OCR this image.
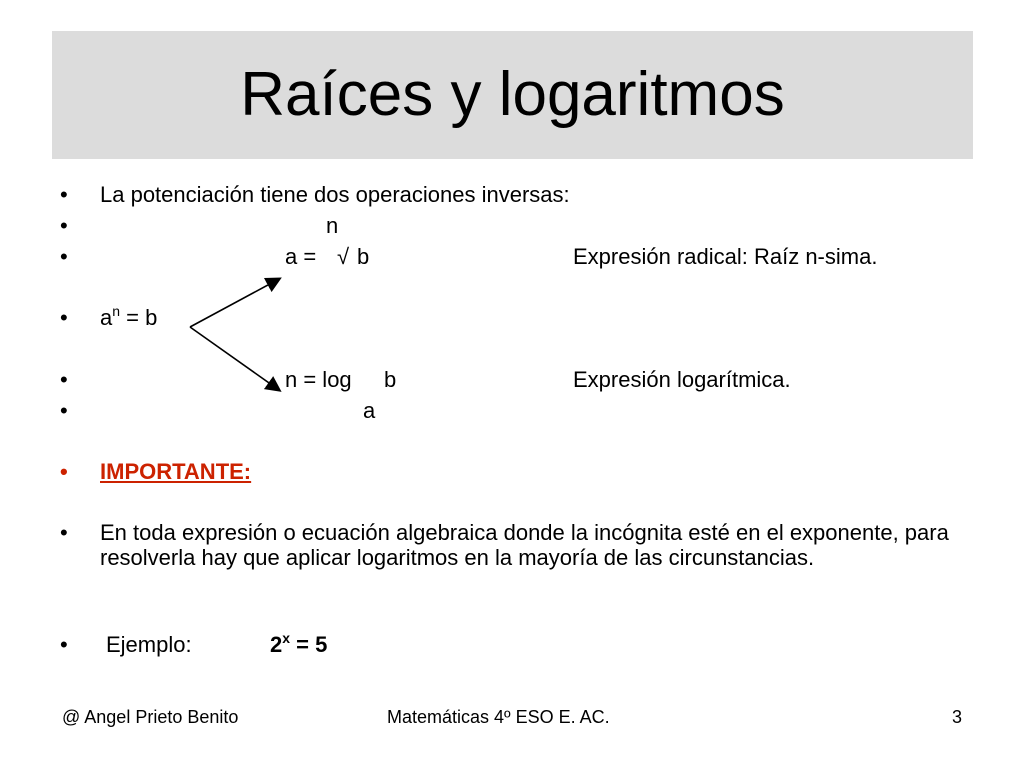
Raíces y logaritmos
• La potenciación tiene dos operaciones inversas:
•	n
•	a = √ b	Expresión radical: Raíz n-sima.
• $a^n = b$
•	n = log b	Expresión logarítmica.
•	a
• IMPORTANTE:
• En toda expresión o ecuación algebraica donde la incógnita esté en el exponente, para resolverla hay que aplicar logaritmos en la mayoría de las circunstancias.
• Ejemplo:	$2^x = 5$
@ Angel Prieto Benito	Matemáticas 4º ESO E. AC.	3
